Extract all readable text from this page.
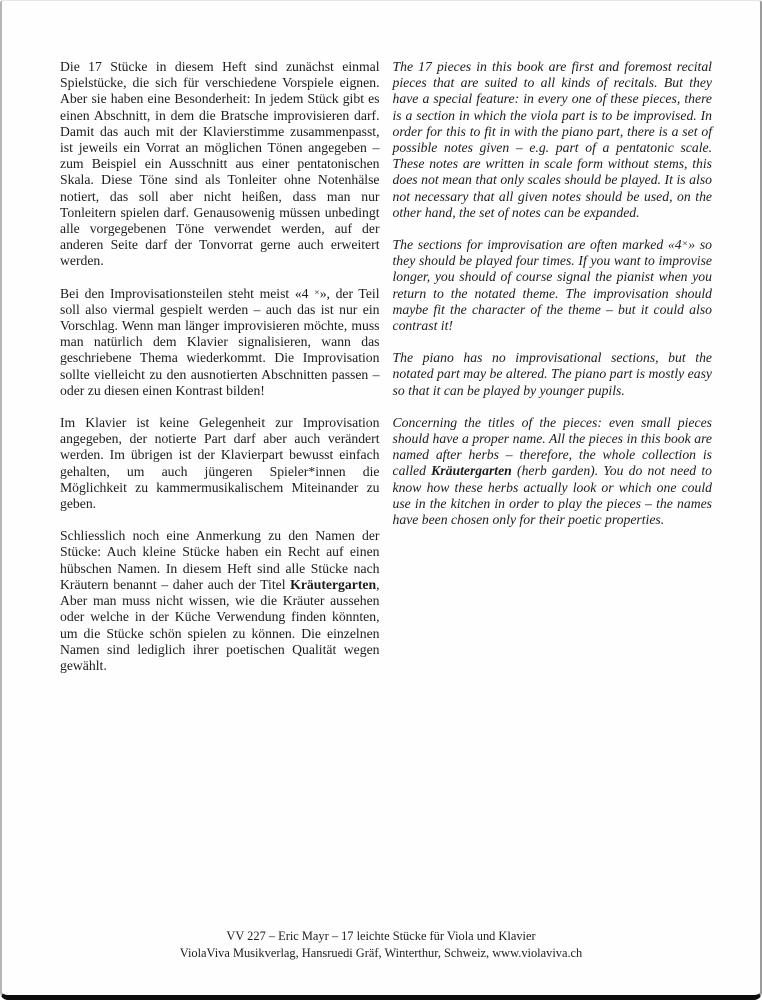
Die 17 Stücke in diesem Heft sind zunächst einmal Spielstücke, die sich für verschiedene Vorspiele eignen. Aber sie haben eine Besonderheit: In jedem Stück gibt es einen Abschnitt, in dem die Bratsche improvisieren darf. Damit das auch mit der Klavierstimme zusammenpasst, ist jeweils ein Vorrat an möglichen Tönen angegeben – zum Beispiel ein Ausschnitt aus einer pentatonischen Skala. Diese Töne sind als Tonleiter ohne Notenhälse notiert, das soll aber nicht heißen, dass man nur Tonleitern spielen darf. Genausowenig müssen unbedingt alle vorgegebenen Töne verwendet werden, auf der anderen Seite darf der Tonvorrat gerne auch erweitert werden.

Bei den Improvisationsteilen steht meist «4 ×», der Teil soll also viermal gespielt werden – auch das ist nur ein Vorschlag. Wenn man länger improvisieren möchte, muss man natürlich dem Klavier signalisieren, wann das geschriebene Thema wiederkommt. Die Improvisation sollte vielleicht zu den ausnotierten Abschnitten passen – oder zu diesen einen Kontrast bilden!

Im Klavier ist keine Gelegenheit zur Improvisation angegeben, der notierte Part darf aber auch verändert werden. Im übrigen ist der Klavierpart bewusst einfach gehalten, um auch jüngeren Spieler*innen die Möglichkeit zu kammermusikalischem Miteinander zu geben.

Schliesslich noch eine Anmerkung zu den Namen der Stücke: Auch kleine Stücke haben ein Recht auf einen hübschen Namen. In diesem Heft sind alle Stücke nach Kräutern benannt – daher auch der Titel Kräutergarten, Aber man muss nicht wissen, wie die Kräuter aussehen oder welche in der Küche Verwendung finden könnten, um die Stücke schön spielen zu können. Die einzelnen Namen sind lediglich ihrer poetischen Qualität wegen gewählt.

The 17 pieces in this book are first and foremost recital pieces that are suited to all kinds of recitals. But they have a special feature: in every one of these pieces, there is a section in which the viola part is to be improvised. In order for this to fit in with the piano part, there is a set of possible notes given – e.g. part of a pentatonic scale. These notes are written in scale form without stems, this does not mean that only scales should be played. It is also not necessary that all given notes should be used, on the other hand, the set of notes can be expanded.

The sections for improvisation are often marked «4×» so they should be played four times. If you want to improvise longer, you should of course signal the pianist when you return to the notated theme. The improvisation should maybe fit the character of the theme – but it could also contrast it!

The piano has no improvisational sections, but the notated part may be altered. The piano part is mostly easy so that it can be played by younger pupils.

Concerning the titles of the pieces: even small pieces should have a proper name. All the pieces in this book are named after herbs – therefore, the whole collection is called Kräutergarten (herb garden). You do not need to know how these herbs actually look or which one could use in the kitchen in order to play the pieces – the names have been chosen only for their poetic properties.

VV 227 – Eric Mayr – 17 leichte Stücke für Viola und Klavier
ViolaViva Musikverlag, Hansruedi Gräf, Winterthur, Schweiz, www.violaviva.ch
